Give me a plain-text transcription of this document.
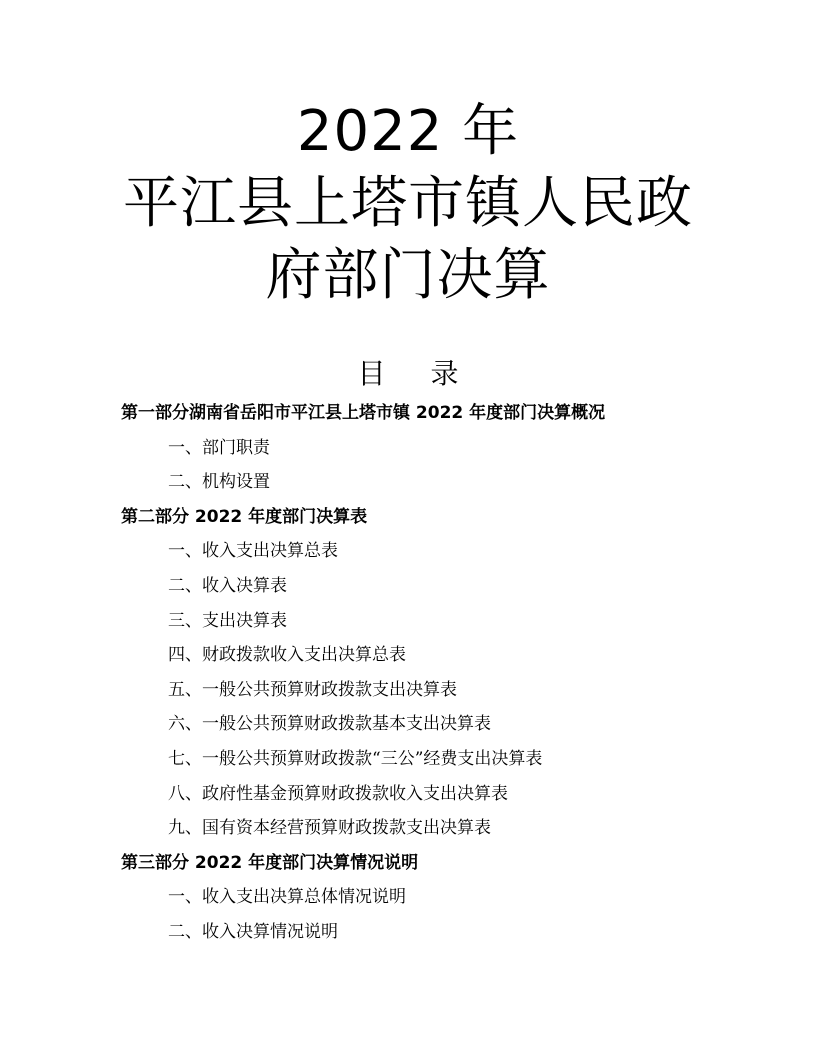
2022 年
平江县上塔市镇人民政
府部门决算
目 录
第一部分湖南省岳阳市平江县上塔市镇 2022 年度部门决算概况
一、部门职责
二、机构设置
第二部分 2022 年度部门决算表
一、收入支出决算总表
二、收入决算表
三、支出决算表
四、财政拨款收入支出决算总表
五、一般公共预算财政拨款支出决算表
六、一般公共预算财政拨款基本支出决算表
七、一般公共预算财政拨款“三公”经费支出决算表
八、政府性基金预算财政拨款收入支出决算表
九、国有资本经营预算财政拨款支出决算表
第三部分 2022 年度部门决算情况说明
一、收入支出决算总体情况说明
二、收入决算情况说明
